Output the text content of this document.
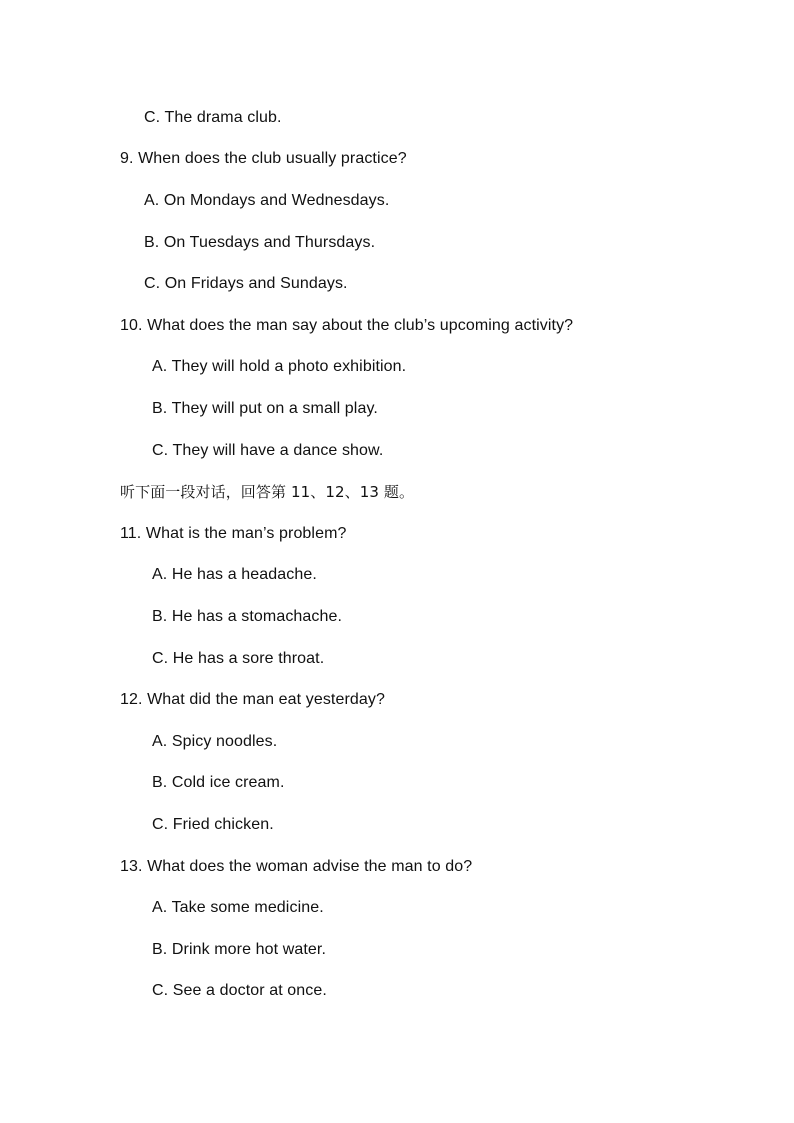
C. The drama club.
9. When does the club usually practice?
A. On Mondays and Wednesdays.
B. On Tuesdays and Thursdays.
C. On Fridays and Sundays.
10. What does the man say about the club’s upcoming activity?
A. They will hold a photo exhibition.
B. They will put on a small play.
C. They will have a dance show.
听下面一段对话，回答第 11、12、13 题。
11. What is the man’s problem?
A. He has a headache.
B. He has a stomachache.
C. He has a sore throat.
12. What did the man eat yesterday?
A. Spicy noodles.
B. Cold ice cream.
C. Fried chicken.
13. What does the woman advise the man to do?
A. Take some medicine.
B. Drink more hot water.
C. See a doctor at once.
